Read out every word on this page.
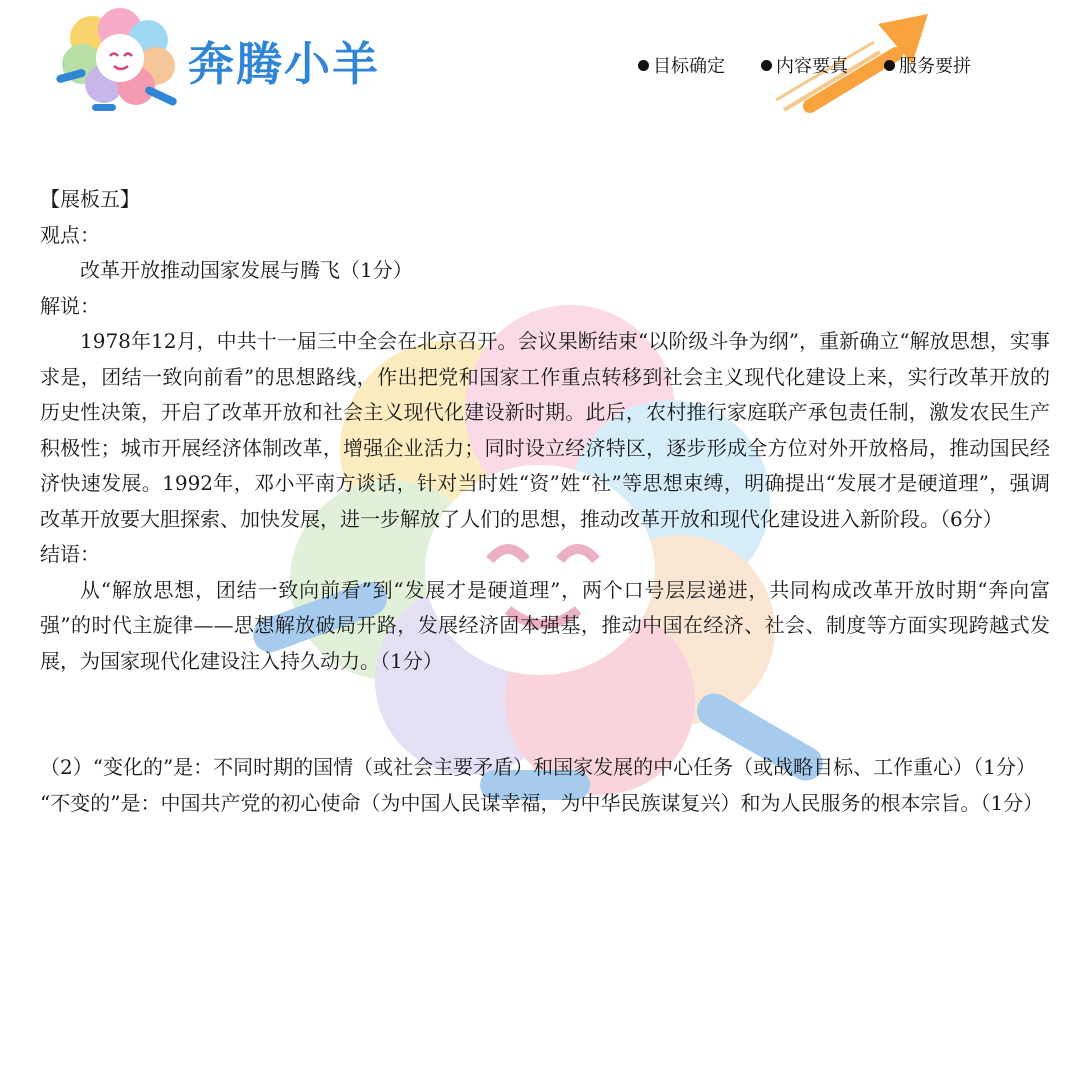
奔腾小羊	目标确定	内容要真	服务要拼

【展板五】

观点：

改革开放推动国家发展与腾飞（1分）

解说：

1978年12月，中共十一届三中全会在北京召开。会议果断结束“以阶级斗争为纲”，重新确立“解放思想，实事求是，团结一致向前看”的思想路线，作出把党和国家工作重点转移到社会主义现代化建设上来，实行改革开放的历史性决策，开启了改革开放和社会主义现代化建设新时期。此后，农村推行家庭联产承包责任制，激发农民生产积极性；城市开展经济体制改革，增强企业活力；同时设立经济特区，逐步形成全方位对外开放格局，推动国民经济快速发展。1992年，邓小平南方谈话，针对当时姓“资”姓“社”等思想束缚，明确提出“发展才是硬道理”，强调改革开放要大胆探索、加快发展，进一步解放了人们的思想，推动改革开放和现代化建设进入新阶段。（6分）

结语：

从“解放思想，团结一致向前看”到“发展才是硬道理”，两个口号层层递进，共同构成改革开放时期“奔向富强”的时代主旋律——思想解放破局开路，发展经济固本强基，推动中国在经济、社会、制度等方面实现跨越式发展，为国家现代化建设注入持久动力。（1分）

（2）“变化的”是：不同时期的国情（或社会主要矛盾）和国家发展的中心任务（或战略目标、工作重心）（1分）

“不变的”是：中国共产党的初心使命（为中国人民谋幸福，为中华民族谋复兴）和为人民服务的根本宗旨。（1分）
